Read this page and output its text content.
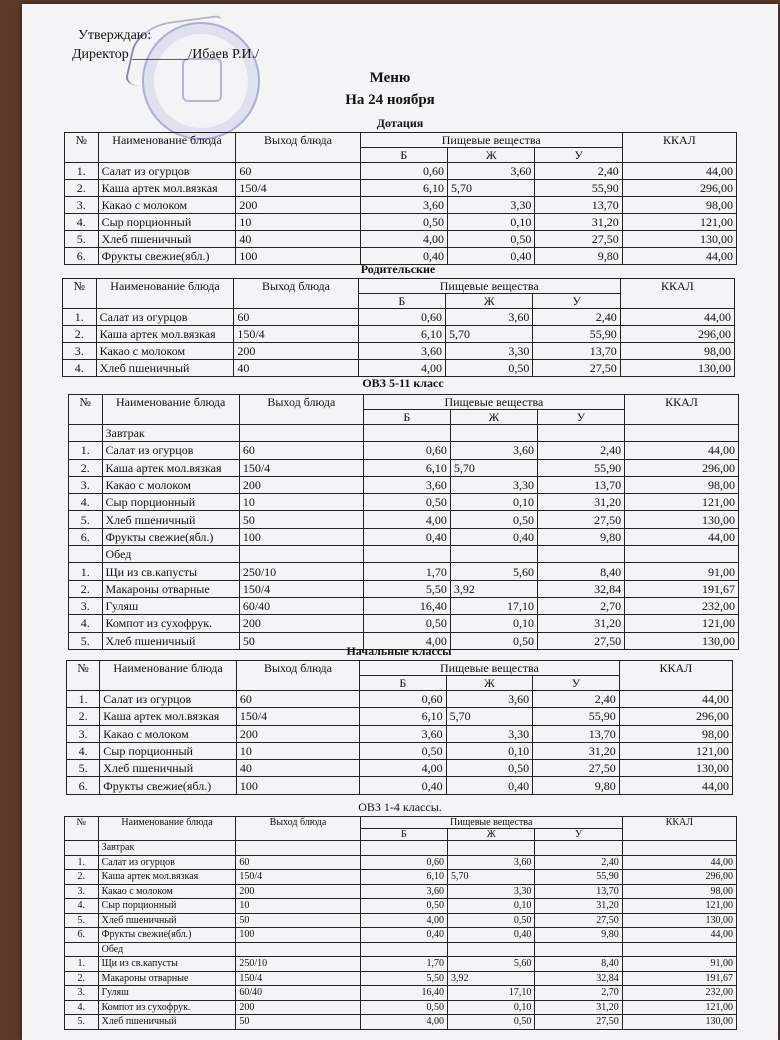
Утверждаю:
Директор ________/Ибаев Р.И./
Меню
На 24 ноября
Дотация
№	Наименование блюда	Выход блюда	Пищевые вещества			ККАЛ
			Б	Ж	У	
1.	Салат из огурцов	60	0,60	3,60	2,40	44,00
2.	Каша артек мол.вязкая	150/4	6,10	5,70	55,90	296,00
3.	Какао с молоком	200	3,60	3,30	13,70	98,00
4.	Сыр порционный	10	0,50	0,10	31,20	121,00
5.	Хлеб пшеничный	40	4,00	0,50	27,50	130,00
6.	Фрукты свежие(ябл.)	100	0,40	0,40	9,80	44,00
Родительские
№	Наименование блюда	Выход блюда	Пищевые вещества			ККАЛ
			Б	Ж	У	
1.	Салат из огурцов	60	0,60	3,60	2,40	44,00
2.	Каша артек мол.вязкая	150/4	6,10	5,70	55,90	296,00
3.	Какао с молоком	200	3,60	3,30	13,70	98,00
4.	Хлеб пшеничный	40	4,00	0,50	27,50	130,00
ОВЗ 5-11 класс
№	Наименование блюда	Выход блюда	Пищевые вещества			ККАЛ
			Б	Ж	У	
	Завтрак					
1.	Салат из огурцов	60	0,60	3,60	2,40	44,00
2.	Каша артек мол.вязкая	150/4	6,10	5,70	55,90	296,00
3.	Какао с молоком	200	3,60	3,30	13,70	98,00
4.	Сыр порционный	10	0,50	0,10	31,20	121,00
5.	Хлеб пшеничный	50	4,00	0,50	27,50	130,00
6.	Фрукты свежие(ябл.)	100	0,40	0,40	9,80	44,00
	Обед					
1.	Щи из св.капусты	250/10	1,70	5,60	8,40	91,00
2.	Макароны отварные	150/4	5,50	3,92	32,84	191,67
3.	Гуляш	60/40	16,40	17,10	2,70	232,00
4.	Компот из сухофрук.	200	0,50	0,10	31,20	121,00
5.	Хлеб пшеничный	50	4,00	0,50	27,50	130,00
Начальные классы
№	Наименование блюда	Выход блюда	Пищевые вещества			ККАЛ
			Б	Ж	У	
1.	Салат из огурцов	60	0,60	3,60	2,40	44,00
2.	Каша артек мол.вязкая	150/4	6,10	5,70	55,90	296,00
3.	Какао с молоком	200	3,60	3,30	13,70	98,00
4.	Сыр порционный	10	0,50	0,10	31,20	121,00
5.	Хлеб пшеничный	40	4,00	0,50	27,50	130,00
6.	Фрукты свежие(ябл.)	100	0,40	0,40	9,80	44,00
ОВЗ 1-4 классы.
№	Наименование блюда	Выход блюда	Пищевые вещества			ККАЛ
			Б	Ж	У	
	Завтрак					
1.	Салат из огурцов	60	0,60	3,60	2,40	44,00
2.	Каша артек мол.вязкая	150/4	6,10	5,70	55,90	296,00
3.	Какао с молоком	200	3,60	3,30	13,70	98,00
4.	Сыр порционный	10	0,50	0,10	31,20	121,00
5.	Хлеб пшеничный	50	4,00	0,50	27,50	130,00
6.	Фрукты свежие(ябл.)	100	0,40	0,40	9,80	44,00
	Обед					
1.	Щи из св.капусты	250/10	1,70	5,60	8,40	91,00
2.	Макароны отварные	150/4	5,50	3,92	32,84	191,67
3.	Гуляш	60/40	16,40	17,10	2,70	232,00
4.	Компот из сухофрук.	200	0,50	0,10	31,20	121,00
5.	Хлеб пшеничный	50	4,00	0,50	27,50	130,00
